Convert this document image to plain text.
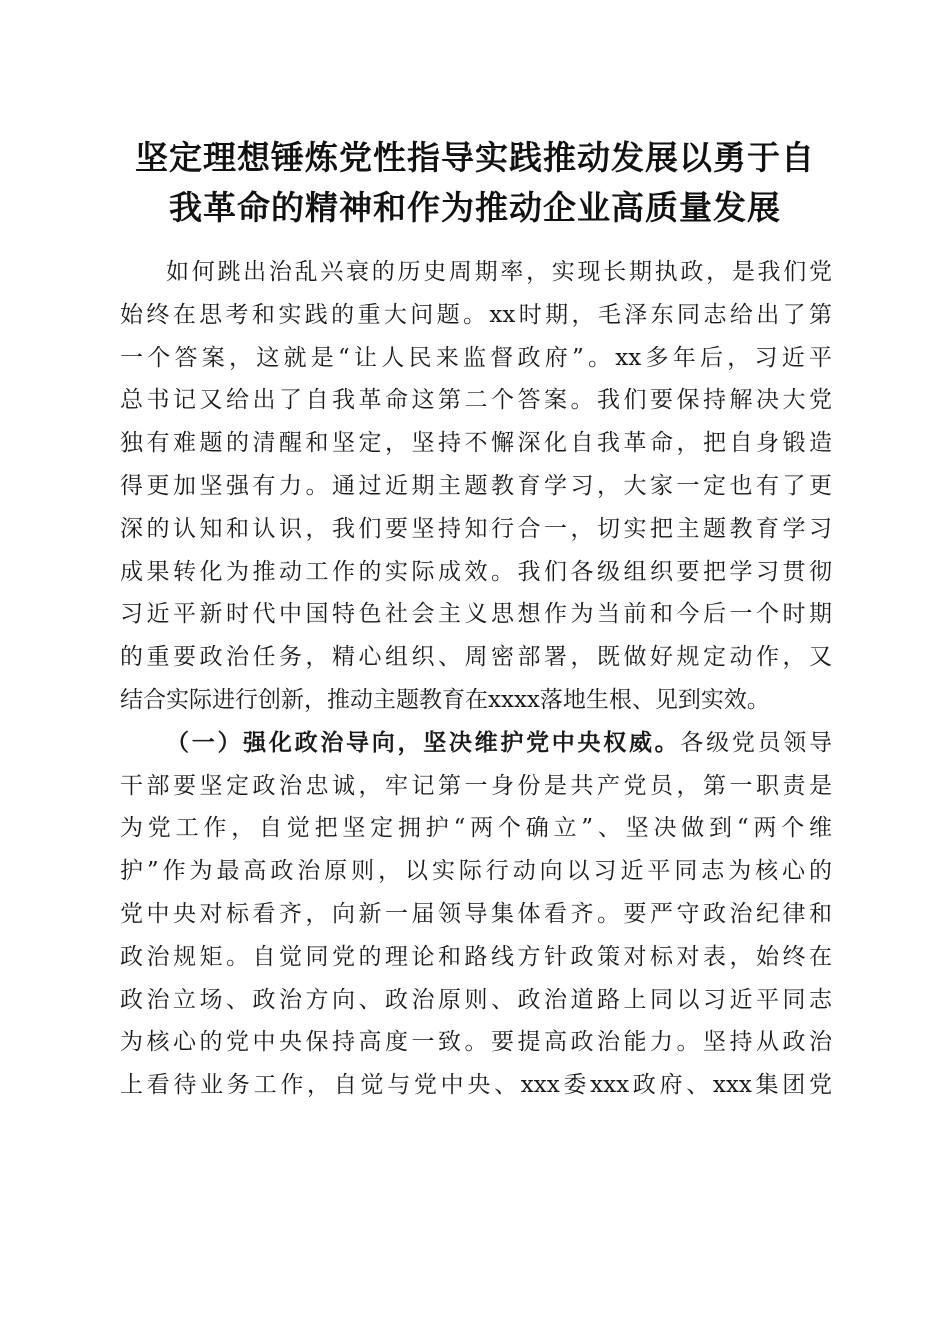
坚定理想锤炼党性指导实践推动发展以勇于自
我革命的精神和作为推动企业高质量发展
如何跳出治乱兴衰的历史周期率，实现长期执政，是我们党
始终在思考和实践的重大问题。xx时期，毛泽东同志给出了第
一个答案，这就是“让人民来监督政府”。xx多年后，习近平
总书记又给出了自我革命这第二个答案。我们要保持解决大党
独有难题的清醒和坚定，坚持不懈深化自我革命，把自身锻造
得更加坚强有力。通过近期主题教育学习，大家一定也有了更
深的认知和认识，我们要坚持知行合一，切实把主题教育学习
成果转化为推动工作的实际成效。我们各级组织要把学习贯彻
习近平新时代中国特色社会主义思想作为当前和今后一个时期
的重要政治任务，精心组织、周密部署，既做好规定动作，又
结合实际进行创新，推动主题教育在xxxx落地生根、见到实效。
（一）强化政治导向，坚决维护党中央权威。各级党员领导
干部要坚定政治忠诚，牢记第一身份是共产党员，第一职责是
为党工作，自觉把坚定拥护“两个确立”、坚决做到“两个维
护”作为最高政治原则，以实际行动向以习近平同志为核心的
党中央对标看齐，向新一届领导集体看齐。要严守政治纪律和
政治规矩。自觉同党的理论和路线方针政策对标对表，始终在
政治立场、政治方向、政治原则、政治道路上同以习近平同志
为核心的党中央保持高度一致。要提高政治能力。坚持从政治
上看待业务工作，自觉与党中央、xxx委xxx政府、xxx集团党
